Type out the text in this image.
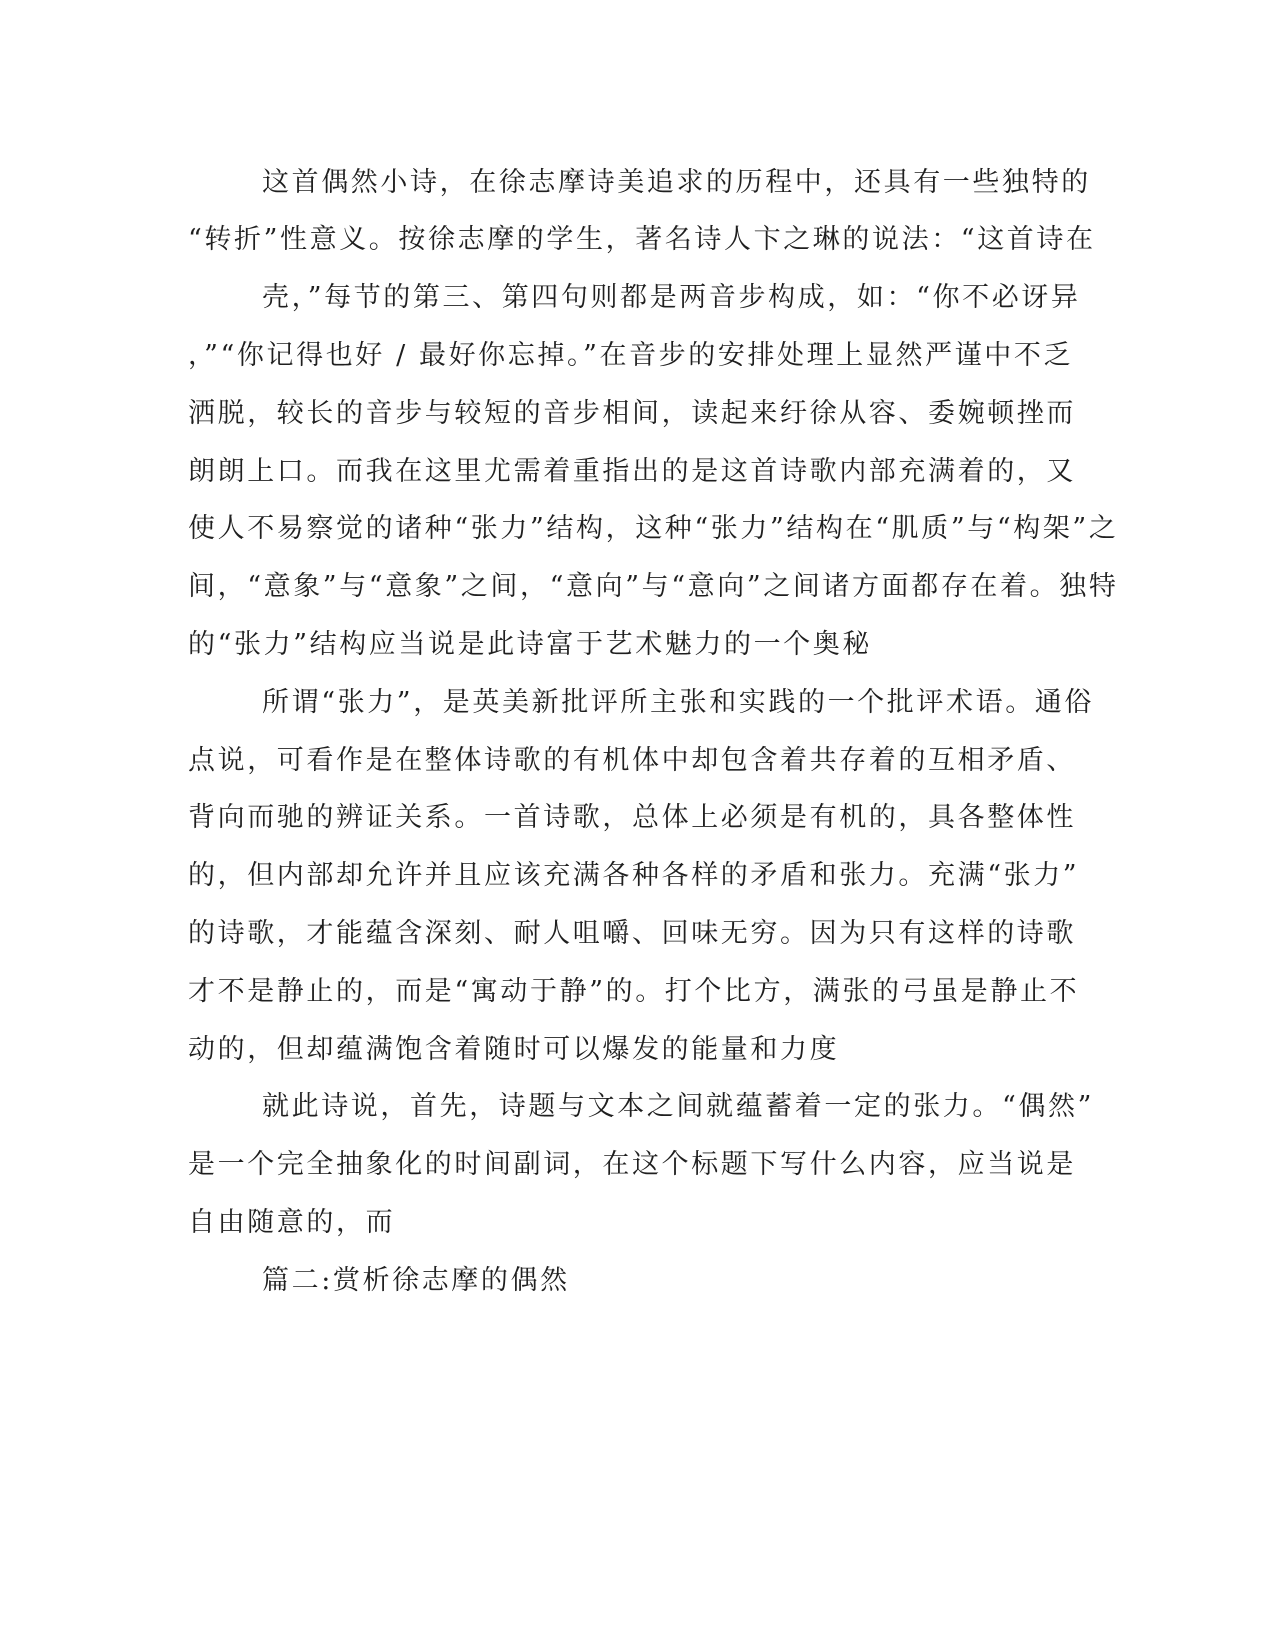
这首偶然小诗，在徐志摩诗美追求的历程中，还具有一些独特的
“转折”性意义。按徐志摩的学生，著名诗人卞之琳的说法：“这首诗在
壳，”每节的第三、第四句则都是两音步构成，如：“你不必讶异
，”“你记得也好 / 最好你忘掉。”在音步的安排处理上显然严谨中不乏
洒脱，较长的音步与较短的音步相间，读起来纡徐从容、委婉顿挫而
朗朗上口。而我在这里尤需着重指出的是这首诗歌内部充满着的，又
使人不易察觉的诸种“张力”结构，这种“张力”结构在“肌质”与“构架”之
间，“意象”与“意象”之间，“意向”与“意向”之间诸方面都存在着。独特
的“张力”结构应当说是此诗富于艺术魅力的一个奥秘
所谓“张力”，是英美新批评所主张和实践的一个批评术语。通俗
点说，可看作是在整体诗歌的有机体中却包含着共存着的互相矛盾、
背向而驰的辨证关系。一首诗歌，总体上必须是有机的，具各整体性
的，但内部却允许并且应该充满各种各样的矛盾和张力。充满“张力”
的诗歌，才能蕴含深刻、耐人咀嚼、回味无穷。因为只有这样的诗歌
才不是静止的，而是“寓动于静”的。打个比方，满张的弓虽是静止不
动的，但却蕴满饱含着随时可以爆发的能量和力度
就此诗说，首先，诗题与文本之间就蕴蓄着一定的张力。“偶然”
是一个完全抽象化的时间副词，在这个标题下写什么内容，应当说是
自由随意的，而
篇二:赏析徐志摩的偶然
